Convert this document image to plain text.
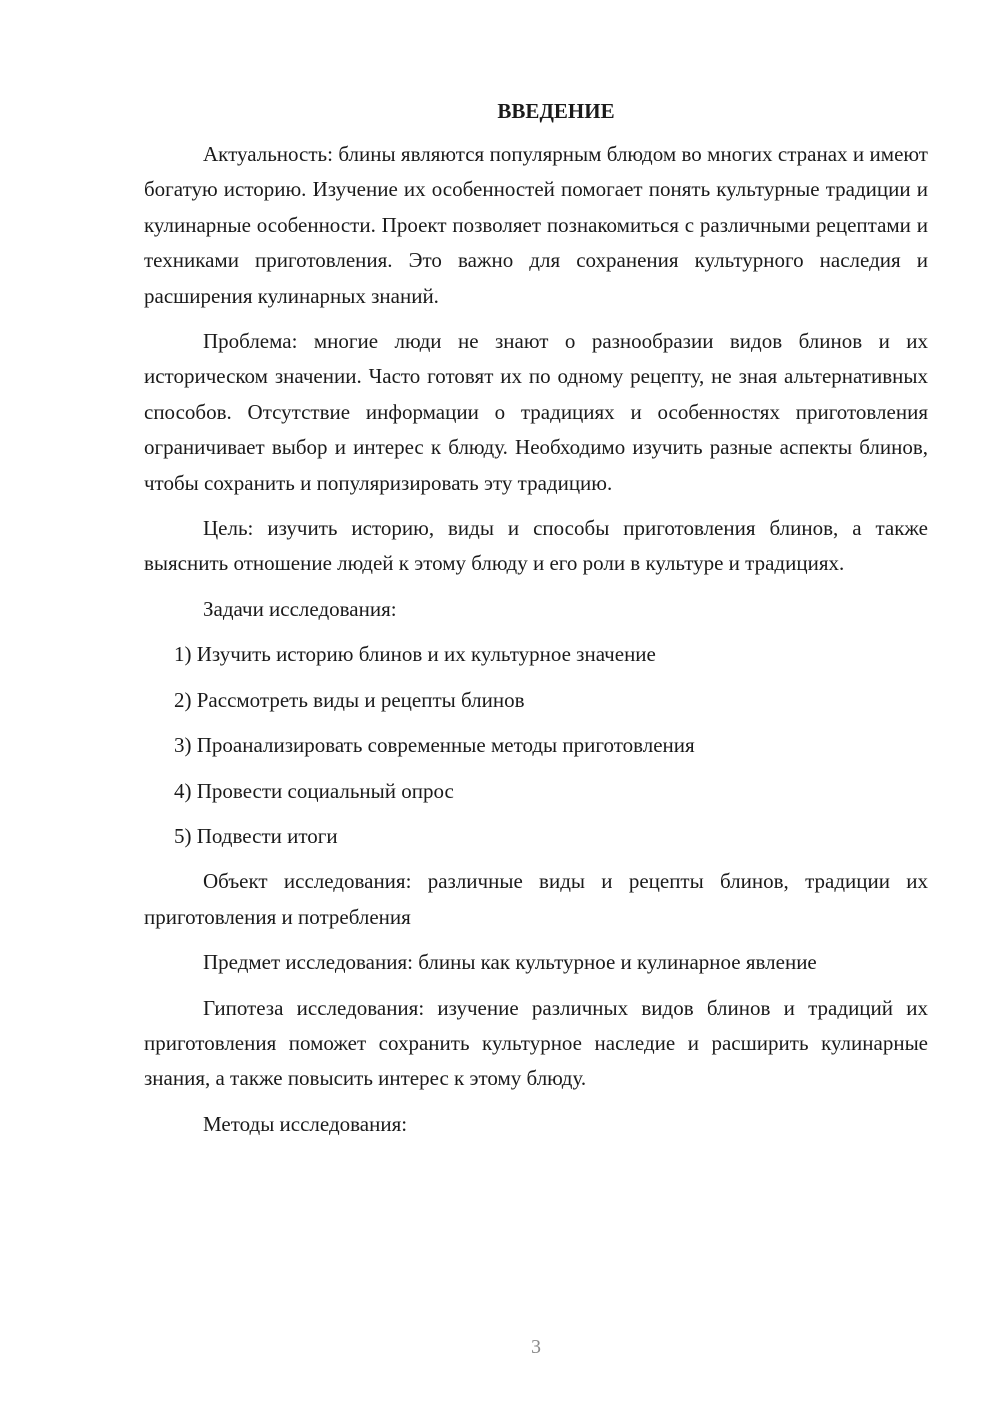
ВВЕДЕНИЕ

Актуальность: блины являются популярным блюдом во многих странах и имеют богатую историю. Изучение их особенностей помогает понять культурные традиции и кулинарные особенности. Проект позволяет познакомиться с различными рецептами и техниками приготовления. Это важно для сохранения культурного наследия и расширения кулинарных знаний.

Проблема: многие люди не знают о разнообразии видов блинов и их историческом значении. Часто готовят их по одному рецепту, не зная альтернативных способов. Отсутствие информации о традициях и особенностях приготовления ограничивает выбор и интерес к блюду. Необходимо изучить разные аспекты блинов, чтобы сохранить и популяризировать эту традицию.

Цель: изучить историю, виды и способы приготовления блинов, а также выяснить отношение людей к этому блюду и его роли в культуре и традициях.

Задачи исследования:

1) Изучить историю блинов и их культурное значение
2) Рассмотреть виды и рецепты блинов
3) Проанализировать современные методы приготовления
4) Провести социальный опрос
5) Подвести итоги

Объект исследования: различные виды и рецепты блинов, традиции их приготовления и потребления

Предмет исследования: блины как культурное и кулинарное явление

Гипотеза исследования: изучение различных видов блинов и традиций их приготовления поможет сохранить культурное наследие и расширить кулинарные знания, а также повысить интерес к этому блюду.

Методы исследования:

3
